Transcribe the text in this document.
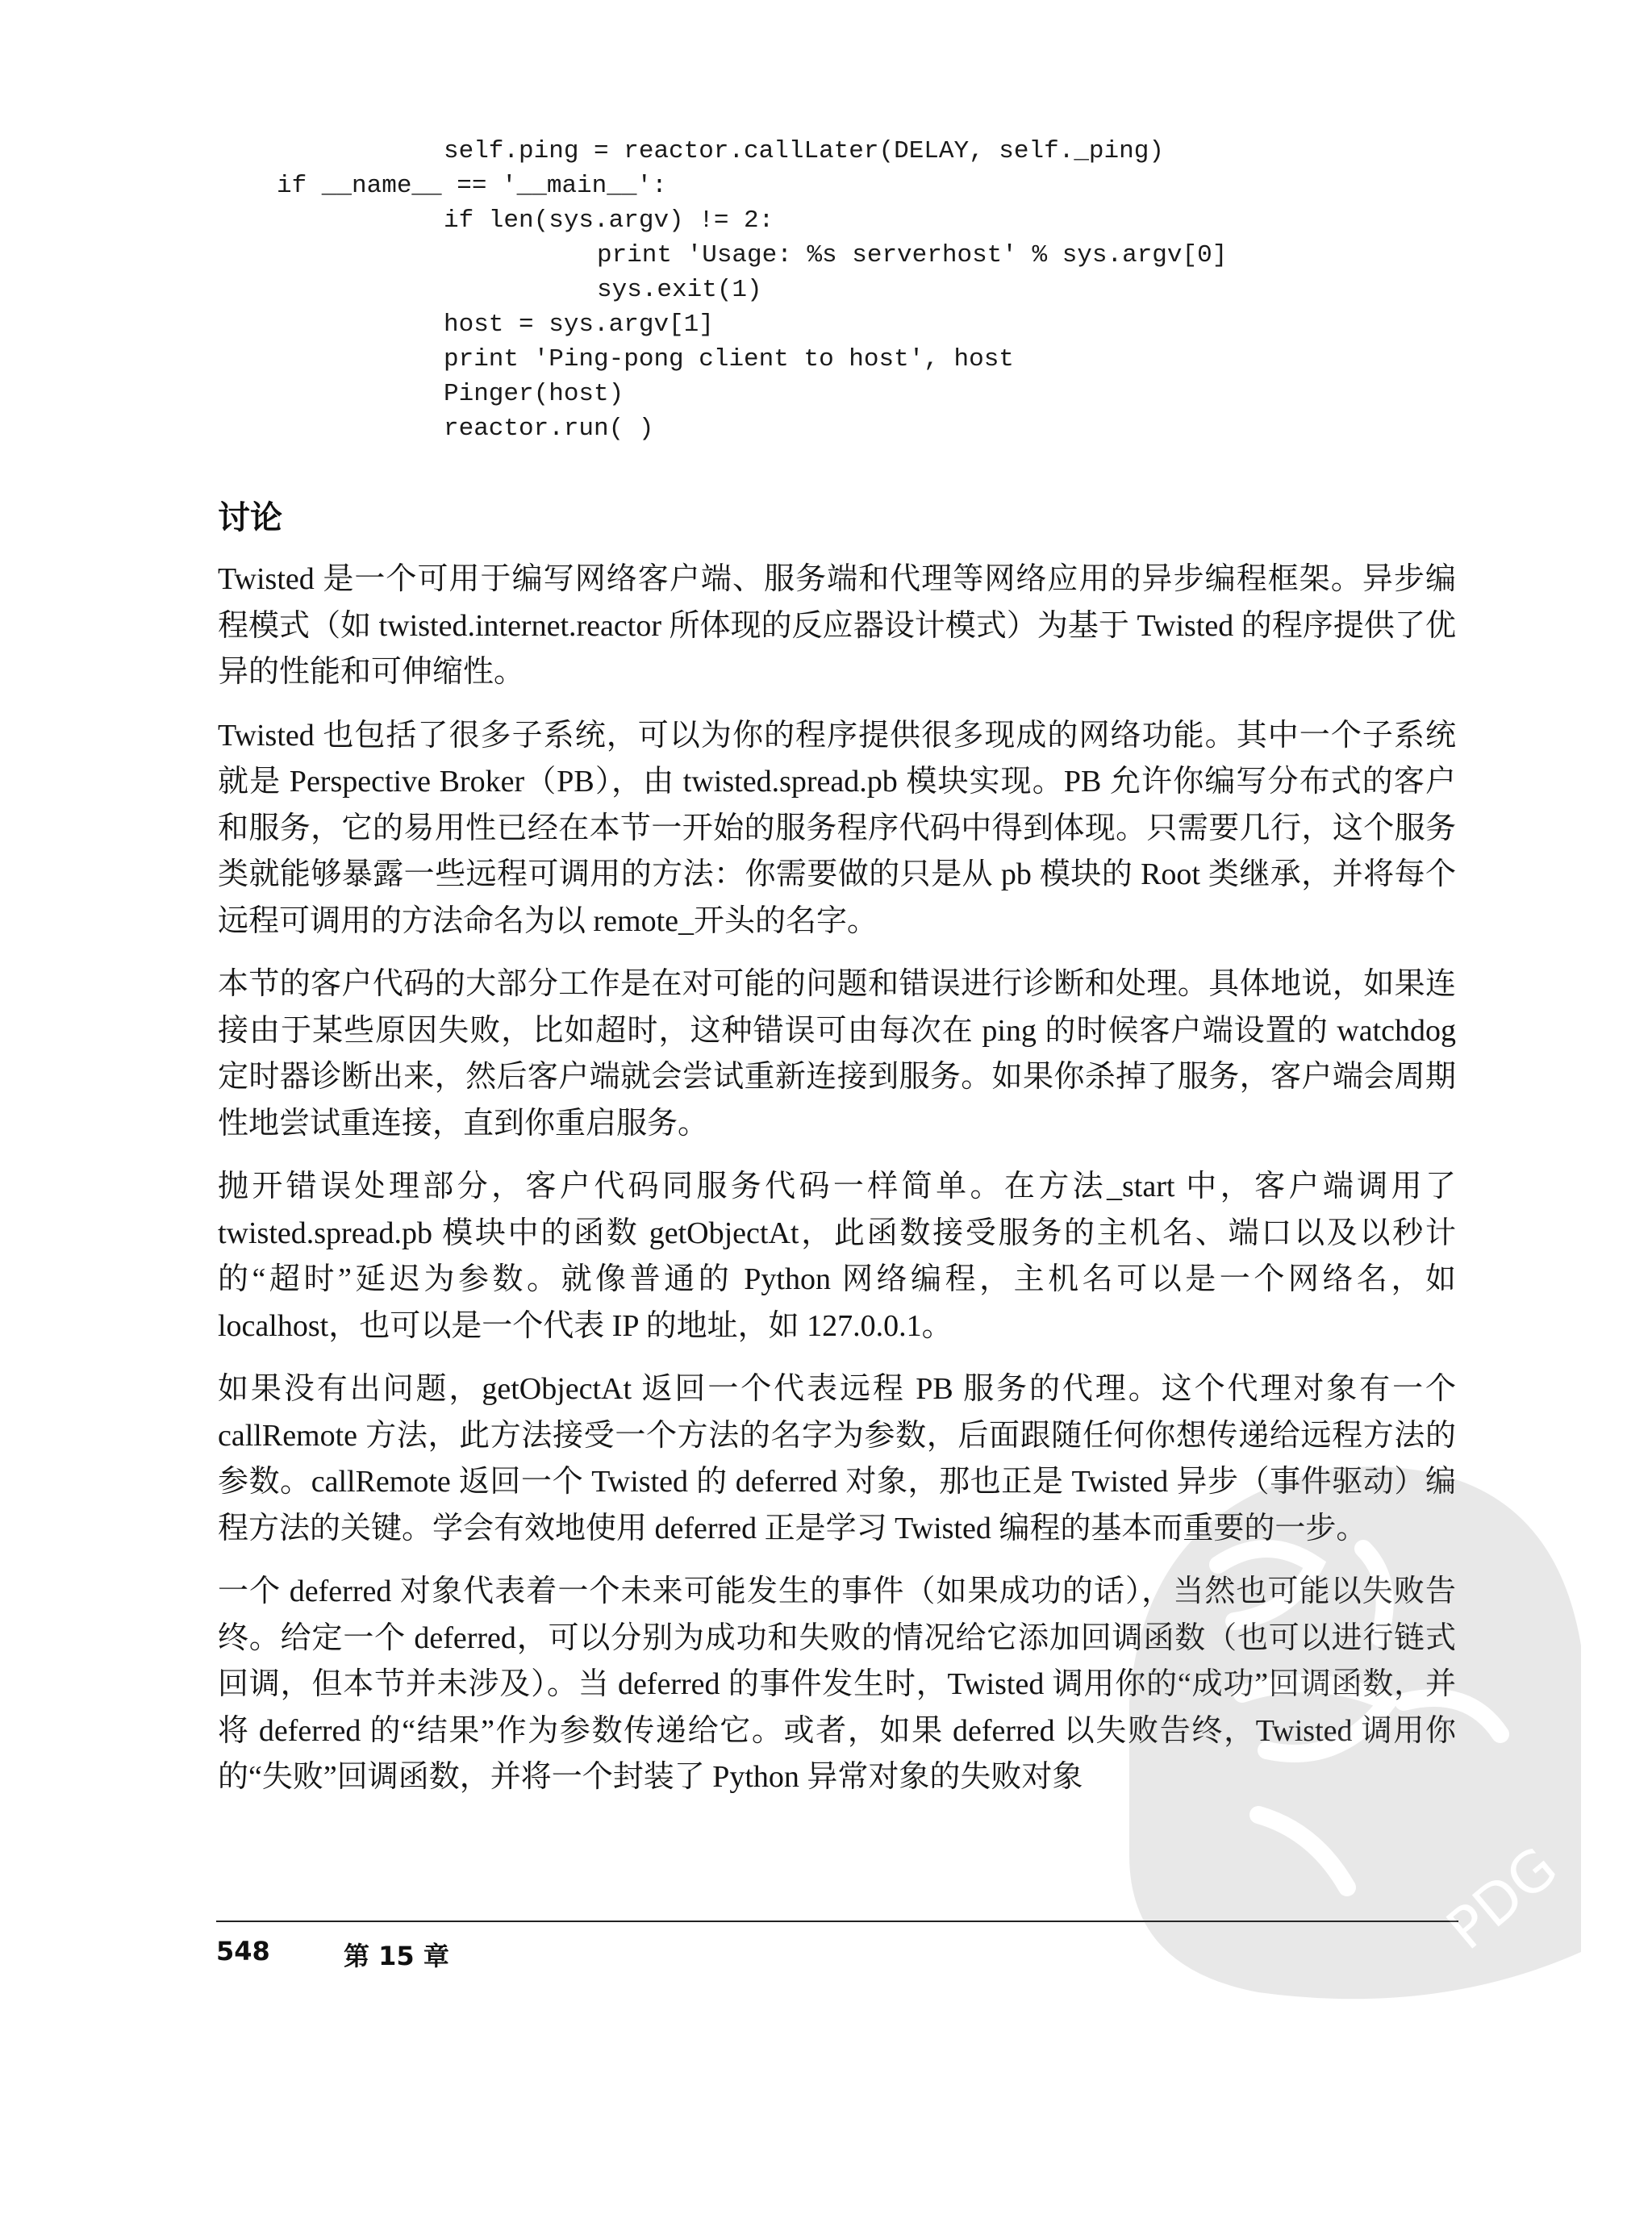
self.ping = reactor.callLater(DELAY, self._ping)
if __name__ == '__main__':
if len(sys.argv) != 2:
print 'Usage: %s serverhost' % sys.argv[0]
sys.exit(1)
host = sys.argv[1]
print 'Ping-pong client to host', host
Pinger(host)
reactor.run( )
讨论

Twisted 是一个可用于编写网络客户端、服务端和代理等网络应用的异步编程框架。异步编程模式（如 twisted.internet.reactor 所体现的反应器设计模式）为基于 Twisted 的程序提供了优异的性能和可伸缩性。

Twisted 也包括了很多子系统，可以为你的程序提供很多现成的网络功能。其中一个子系统就是 Perspective Broker（PB），由 twisted.spread.pb 模块实现。PB 允许你编写分布式的客户和服务，它的易用性已经在本节一开始的服务程序代码中得到体现。只需要几行，这个服务类就能够暴露一些远程可调用的方法：你需要做的只是从 pb 模块的 Root 类继承，并将每个远程可调用的方法命名为以 remote_开头的名字。

本节的客户代码的大部分工作是在对可能的问题和错误进行诊断和处理。具体地说，如果连接由于某些原因失败，比如超时，这种错误可由每次在 ping 的时候客户端设置的 watchdog 定时器诊断出来，然后客户端就会尝试重新连接到服务。如果你杀掉了服务，客户端会周期性地尝试重连接，直到你重启服务。

抛开错误处理部分，客户代码同服务代码一样简单。在方法_start 中，客户端调用了 twisted.spread.pb 模块中的函数 getObjectAt，此函数接受服务的主机名、端口以及以秒计的“超时”延迟为参数。就像普通的 Python 网络编程，主机名可以是一个网络名，如 localhost，也可以是一个代表 IP 的地址，如 127.0.0.1。

如果没有出问题，getObjectAt 返回一个代表远程 PB 服务的代理。这个代理对象有一个 callRemote 方法，此方法接受一个方法的名字为参数，后面跟随任何你想传递给远程方法的参数。callRemote 返回一个 Twisted 的 deferred 对象，那也正是 Twisted 异步（事件驱动）编程方法的关键。学会有效地使用 deferred 正是学习 Twisted 编程的基本而重要的一步。

一个 deferred 对象代表着一个未来可能发生的事件（如果成功的话），当然也可能以失败告终。给定一个 deferred，可以分别为成功和失败的情况给它添加回调函数（也可以进行链式回调，但本节并未涉及）。当 deferred 的事件发生时，Twisted 调用你的“成功”回调函数，并将 deferred 的“结果”作为参数传递给它。或者，如果 deferred 以失败告终，Twisted 调用你的“失败”回调函数，并将一个封装了 Python 异常对象的失败对象

548	第 15 章	PDG
